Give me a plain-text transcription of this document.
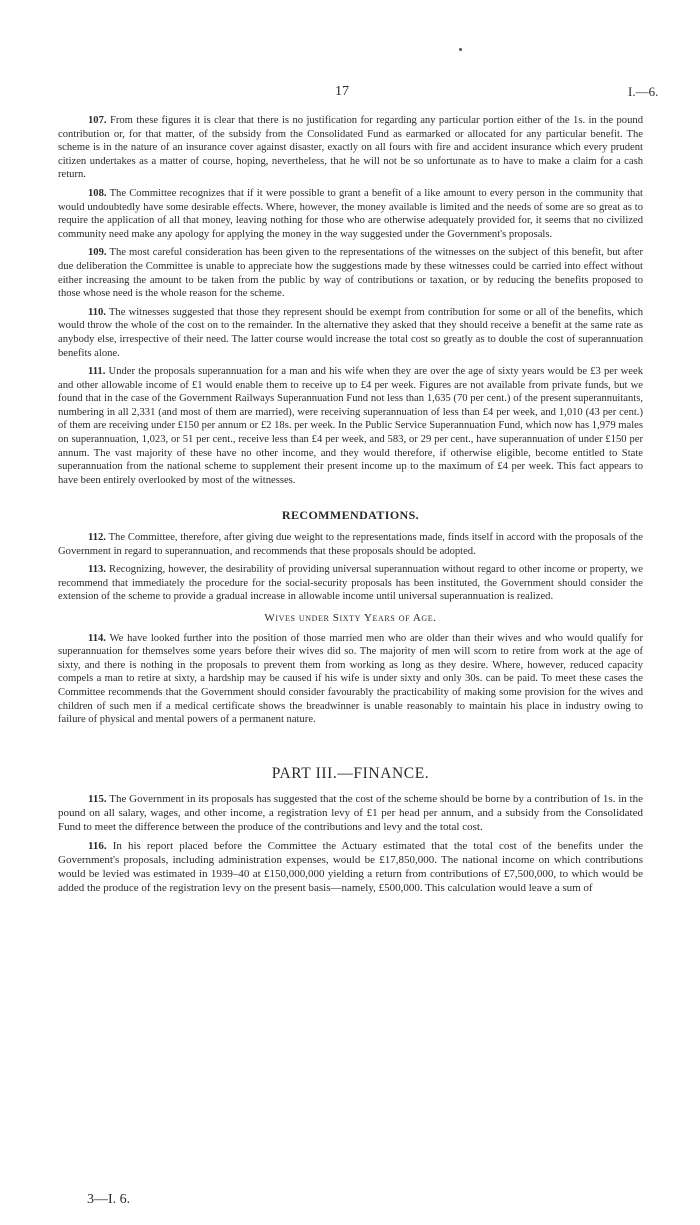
17	I.—6.

107. From these figures it is clear that there is no justification for regarding any particular portion either of the 1s. in the pound contribution or, for that matter, of the subsidy from the Consolidated Fund as earmarked or allocated for any particular benefit. The scheme is in the nature of an insurance cover against disaster, exactly on all fours with fire and accident insurance which every prudent citizen undertakes as a matter of course, hoping, nevertheless, that he will not be so unfortunate as to have to make a claim for a cash return.

108. The Committee recognizes that if it were possible to grant a benefit of a like amount to every person in the community that would undoubtedly have some desirable effects. Where, however, the money available is limited and the needs of some are so great as to require the application of all that money, leaving nothing for those who are otherwise adequately provided for, it seems that no civilized community need make any apology for applying the money in the way suggested under the Government's proposals.

109. The most careful consideration has been given to the representations of the witnesses on the subject of this benefit, but after due deliberation the Committee is unable to appreciate how the suggestions made by these witnesses could be carried into effect without either increasing the amount to be taken from the public by way of contributions or taxation, or by reducing the benefits proposed to those whose need is the whole reason for the scheme.

110. The witnesses suggested that those they represent should be exempt from contribution for some or all of the benefits, which would throw the whole of the cost on to the remainder. In the alternative they asked that they should receive a benefit at the same rate as anybody else, irrespective of their need. The latter course would increase the total cost so greatly as to double the cost of superannuation benefits alone.

111. Under the proposals superannuation for a man and his wife when they are over the age of sixty years would be £3 per week and other allowable income of £1 would enable them to receive up to £4 per week. Figures are not available from private funds, but we found that in the case of the Government Railways Superannuation Fund not less than 1,635 (70 per cent.) of the present superannuitants, numbering in all 2,331 (and most of them are married), were receiving superannuation of less than £4 per week, and 1,010 (43 per cent.) of them are receiving under £150 per annum or £2 18s. per week. In the Public Service Superannuation Fund, which now has 1,979 males on superannuation, 1,023, or 51 per cent., receive less than £4 per week, and 583, or 29 per cent., have superannuation of under £150 per annum. The vast majority of these have no other income, and they would therefore, if otherwise eligible, become entitled to State superannuation from the national scheme to supplement their present income up to the maximum of £4 per week. This fact appears to have been entirely overlooked by most of the witnesses.

RECOMMENDATIONS.

112. The Committee, therefore, after giving due weight to the representations made, finds itself in accord with the proposals of the Government in regard to superannuation, and recommends that these proposals should be adopted.

113. Recognizing, however, the desirability of providing universal superannuation without regard to other income or property, we recommend that immediately the procedure for the social-security proposals has been instituted, the Government should consider the extension of the scheme to provide a gradual increase in allowable income until universal superannuation is realized.

Wives under Sixty Years of Age.

114. We have looked further into the position of those married men who are older than their wives and who would qualify for superannuation for themselves some years before their wives did so. The majority of men will scorn to retire from work at the age of sixty, and there is nothing in the proposals to prevent them from working as long as they desire. Where, however, reduced capacity compels a man to retire at sixty, a hardship may be caused if his wife is under sixty and only 30s. can be paid. To meet these cases the Committee recommends that the Government should consider favourably the practicability of making some provision for the wives and children of such men if a medical certificate shows the breadwinner is unable reasonably to maintain his place in industry owing to failure of physical and mental powers of a permanent nature.

PART III.—FINANCE.

115. The Government in its proposals has suggested that the cost of the scheme should be borne by a contribution of 1s. in the pound on all salary, wages, and other income, a registration levy of £1 per head per annum, and a subsidy from the Consolidated Fund to meet the difference between the produce of the contributions and levy and the total cost.

116. In his report placed before the Committee the Actuary estimated that the total cost of the benefits under the Government's proposals, including administration expenses, would be £17,850,000. The national income on which contributions would be levied was estimated in 1939–40 at £150,000,000 yielding a return from contributions of £7,500,000, to which would be added the produce of the registration levy on the present basis—namely, £500,000. This calculation would leave a sum of

3—I. 6.
